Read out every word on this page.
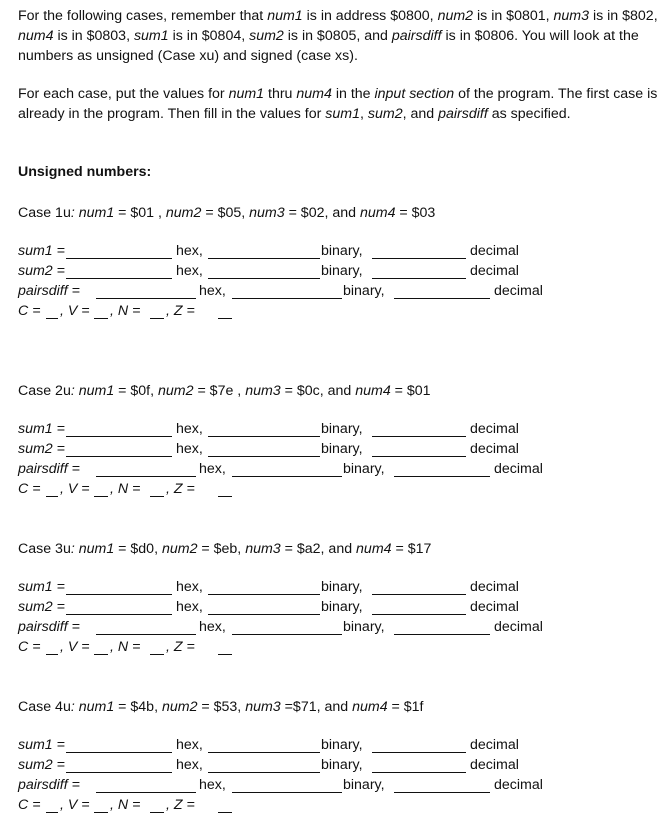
For the following cases, remember that num1 is in address $0800, num2 is in $0801, num3 is in $802, num4 is in $0803, sum1 is in $0804, sum2 is in $0805, and pairsdiff is in $0806. You will look at the numbers as unsigned (Case xu) and signed (case xs).
For each case, put the values for num1 thru num4 in the input section of the program. The first case is already in the program. Then fill in the values for sum1, sum2, and pairsdiff as specified.
Unsigned numbers:
Case 1u: num1 = $01 , num2 = $05, num3 = $02, and num4 = $03
sum1 =	hex,	binary,	decimal
sum2 =	hex,	binary,	decimal
pairsdiff =	hex,	binary,	decimal
C = , V = , N = , Z =
Case 2u: num1 = $0f, num2 = $7e , num3 = $0c, and num4 = $01
sum1 =	hex,	binary,	decimal
sum2 =	hex,	binary,	decimal
pairsdiff =	hex,	binary,	decimal
C = , V = , N = , Z =
Case 3u: num1 = $d0, num2 = $eb, num3 = $a2, and num4 = $17
sum1 =	hex,	binary,	decimal
sum2 =	hex,	binary,	decimal
pairsdiff =	hex,	binary,	decimal
C = , V = , N = , Z =
Case 4u: num1 = $4b, num2 = $53, num3 =$71, and num4 = $1f
sum1 =	hex,	binary,	decimal
sum2 =	hex,	binary,	decimal
pairsdiff =	hex,	binary,	decimal
C = , V = , N = , Z =
